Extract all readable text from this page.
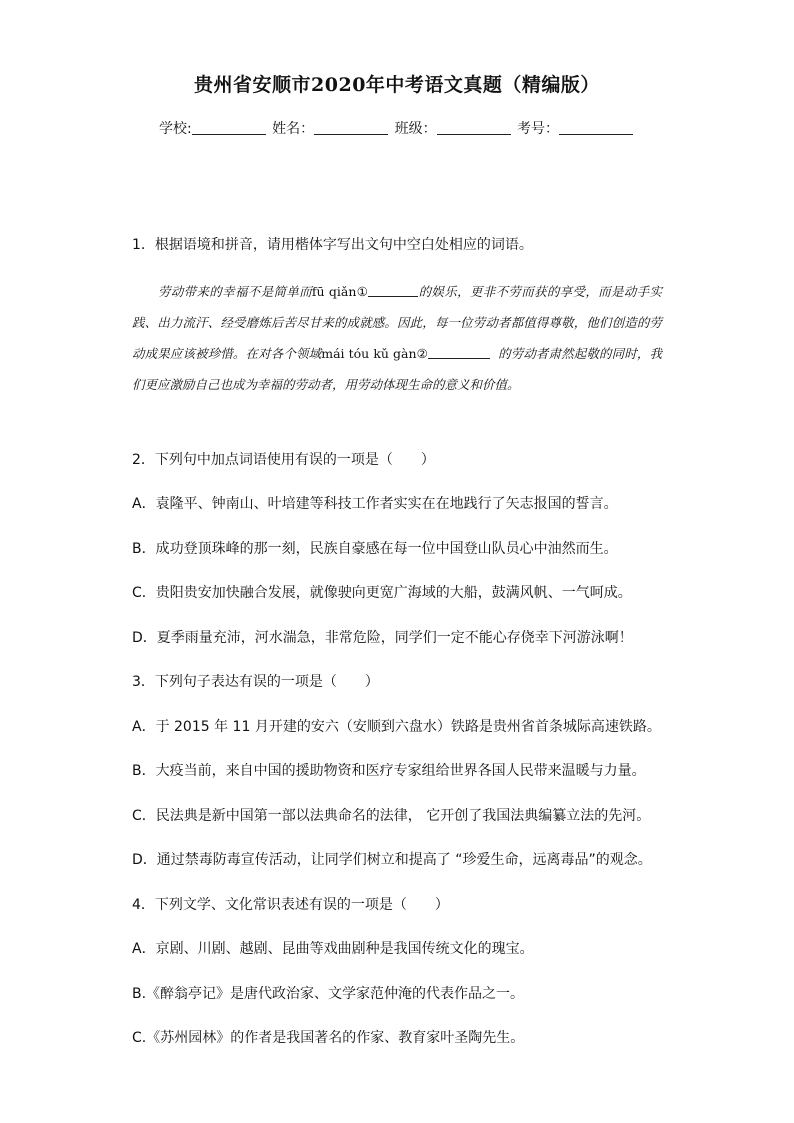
贵州省安顺市2020年中考语文真题（精编版）
学校:	姓名：	班级：	考号：
1．根据语境和拼音，请用楷体字写出文句中空白处相应的词语。
劳动带来的幸福不是简单而fū qiǎn①	的娱乐，更非不劳而获的享受，而是动手实践、出力流汗、经受磨炼后苦尽甘来的成就感。因此，每一位劳动者都值得尊敬，他们创造的劳动成果应该被珍惜。在对各个领域mái tóu kǔ gàn②	的劳动者肃然起敬的同时，我们更应激励自己也成为幸福的劳动者，用劳动体现生命的意义和价值。
2．下列句中加点词语使用有误的一项是（　　）
A．袁隆平、钟南山、叶培建等科技工作者实实在在地践行了矢志报国的誓言。
B．成功登顶珠峰的那一刻，民族自豪感在每一位中国登山队员心中油然而生。
C．贵阳贵安加快融合发展，就像驶向更宽广海域的大船，鼓满风帆、一气呵成。
D．夏季雨量充沛，河水湍急，非常危险，同学们一定不能心存侥幸下河游泳啊！
3．下列句子表达有误的一项是（　　）
A．于 2015 年 11 月开建的安六（安顺到六盘水）铁路是贵州省首条城际高速铁路。
B．大疫当前，来自中国的援助物资和医疗专家组给世界各国人民带来温暖与力量。
C．民法典是新中国第一部以法典命名的法律， 它开创了我国法典编纂立法的先河。
D．通过禁毒防毒宣传活动，让同学们树立和提高了 “珍爱生命，远离毒品”的观念。
4．下列文学、文化常识表述有误的一项是（　　）
A．京剧、川剧、越剧、昆曲等戏曲剧种是我国传统文化的瑰宝。
B.《醉翁亭记》是唐代政治家、文学家范仲淹的代表作品之一。
C.《苏州园林》的作者是我国著名的作家、教育家叶圣陶先生。
